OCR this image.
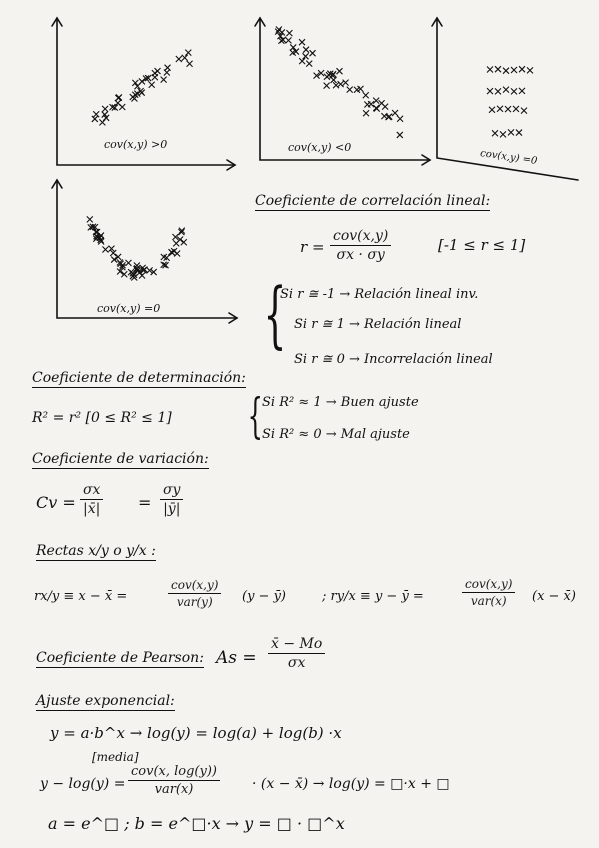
cov(x,y) >0	cov(x,y) <0
cov(x,y) =0
cov(x,y) =0
Coeficiente de correlación lineal:
r =
cov(x,y)
σx · σy
[-1 ≤ r ≤ 1]
{
Si r ≅ -1 → Relación lineal inv.
Si r ≅ 1 → Relación lineal
Si r ≅ 0 → Incorrelación lineal
Coeficiente de determinación:
R² = r² [0 ≤ R² ≤ 1] { Si R² ≈ 1 → Buen ajuste
Si R² ≈ 0 → Mal ajuste
Coeficiente de variación:
$Cv = \frac{\sigma x}{|x̄|} = \frac{\sigma y}{|ȳ|}$
Rectas x/y o y/x :
rx/y ≡ x − x̄ =
cov(x,y)
var(y)	(y − ȳ)	; ry/x ≡ y − ȳ =
cov(x,y)
var(x)	(x − x̄)
Coeficiente de Pearson: $As = \frac{x̄ - Mo}{\sigma x}$
Ajuste exponencial:
y = a·b^x → log(y) = log(a) + log(b) ·x
[media]
y − log(y) =
cov(x, log(y))
var(x)	· (x − x̄) → log(y) = □·x + □
a = e^□ ; b = e^□·x → y = □ · □^x
